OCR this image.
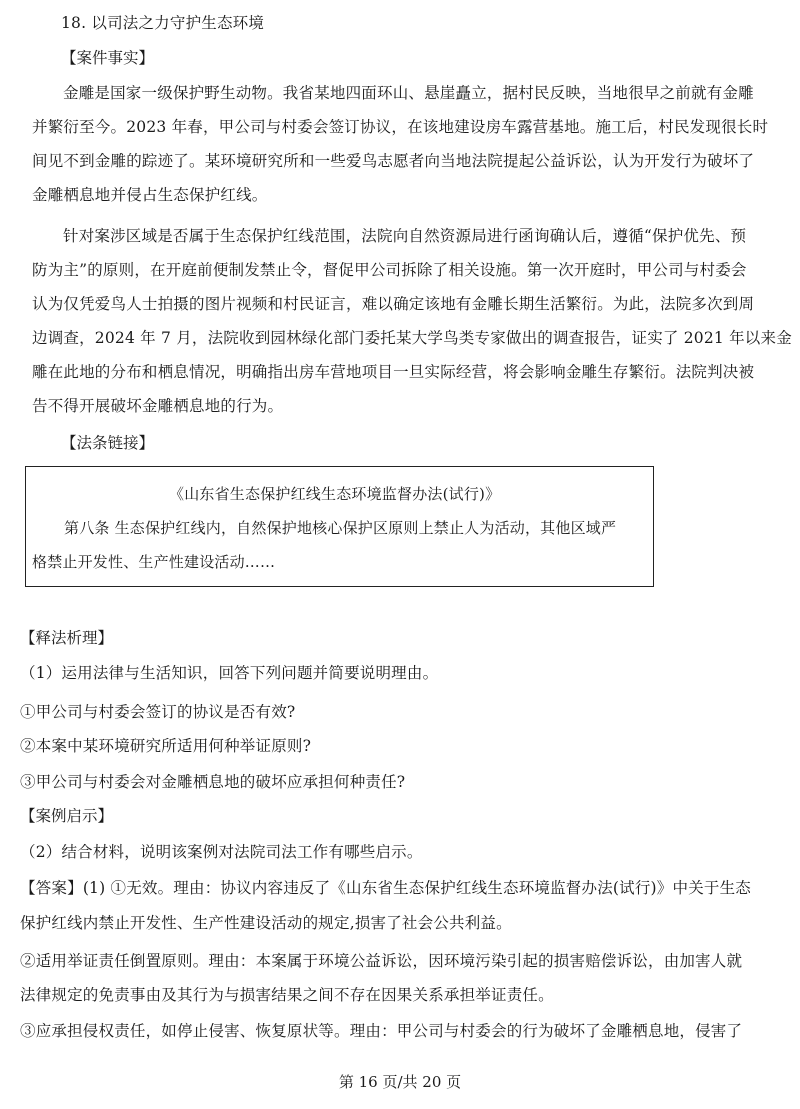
18. 以司法之力守护生态环境
【案件事实】
金雕是国家一级保护野生动物。我省某地四面环山、悬崖矗立，据村民反映，当地很早之前就有金雕
并繁衍至今。2023 年春，甲公司与村委会签订协议，在该地建设房车露营基地。施工后，村民发现很长时
间见不到金雕的踪迹了。某环境研究所和一些爱鸟志愿者向当地法院提起公益诉讼，认为开发行为破坏了
金雕栖息地并侵占生态保护红线。
针对案涉区域是否属于生态保护红线范围，法院向自然资源局进行函询确认后，遵循“保护优先、预
防为主”的原则，在开庭前便制发禁止令，督促甲公司拆除了相关设施。第一次开庭时，甲公司与村委会
认为仅凭爱鸟人士拍摄的图片视频和村民证言，难以确定该地有金雕长期生活繁衍。为此，法院多次到周
边调查，2024 年 7 月，法院收到园林绿化部门委托某大学鸟类专家做出的调查报告，证实了 2021 年以来金
雕在此地的分布和栖息情况，明确指出房车营地项目一旦实际经营，将会影响金雕生存繁衍。法院判决被
告不得开展破坏金雕栖息地的行为。
【法条链接】
《山东省生态保护红线生态环境监督办法(试行)》
第八条 生态保护红线内，自然保护地核心保护区原则上禁止人为活动，其他区域严
格禁止开发性、生产性建设活动……
【释法析理】
（1）运用法律与生活知识，回答下列问题并简要说明理由。
①甲公司与村委会签订的协议是否有效?
②本案中某环境研究所适用何种举证原则?
③甲公司与村委会对金雕栖息地的破坏应承担何种责任?
【案例启示】
（2）结合材料，说明该案例对法院司法工作有哪些启示。
【答案】(1) ①无效。理由：协议内容违反了《山东省生态保护红线生态环境监督办法(试行)》中关于生态
保护红线内禁止开发性、生产性建设活动的规定,损害了社会公共利益。
②适用举证责任倒置原则。理由：本案属于环境公益诉讼，因环境污染引起的损害赔偿诉讼，由加害人就
法律规定的免责事由及其行为与损害结果之间不存在因果关系承担举证责任。
③应承担侵权责任，如停止侵害、恢复原状等。理由：甲公司与村委会的行为破坏了金雕栖息地，侵害了
第 16 页/共 20 页
